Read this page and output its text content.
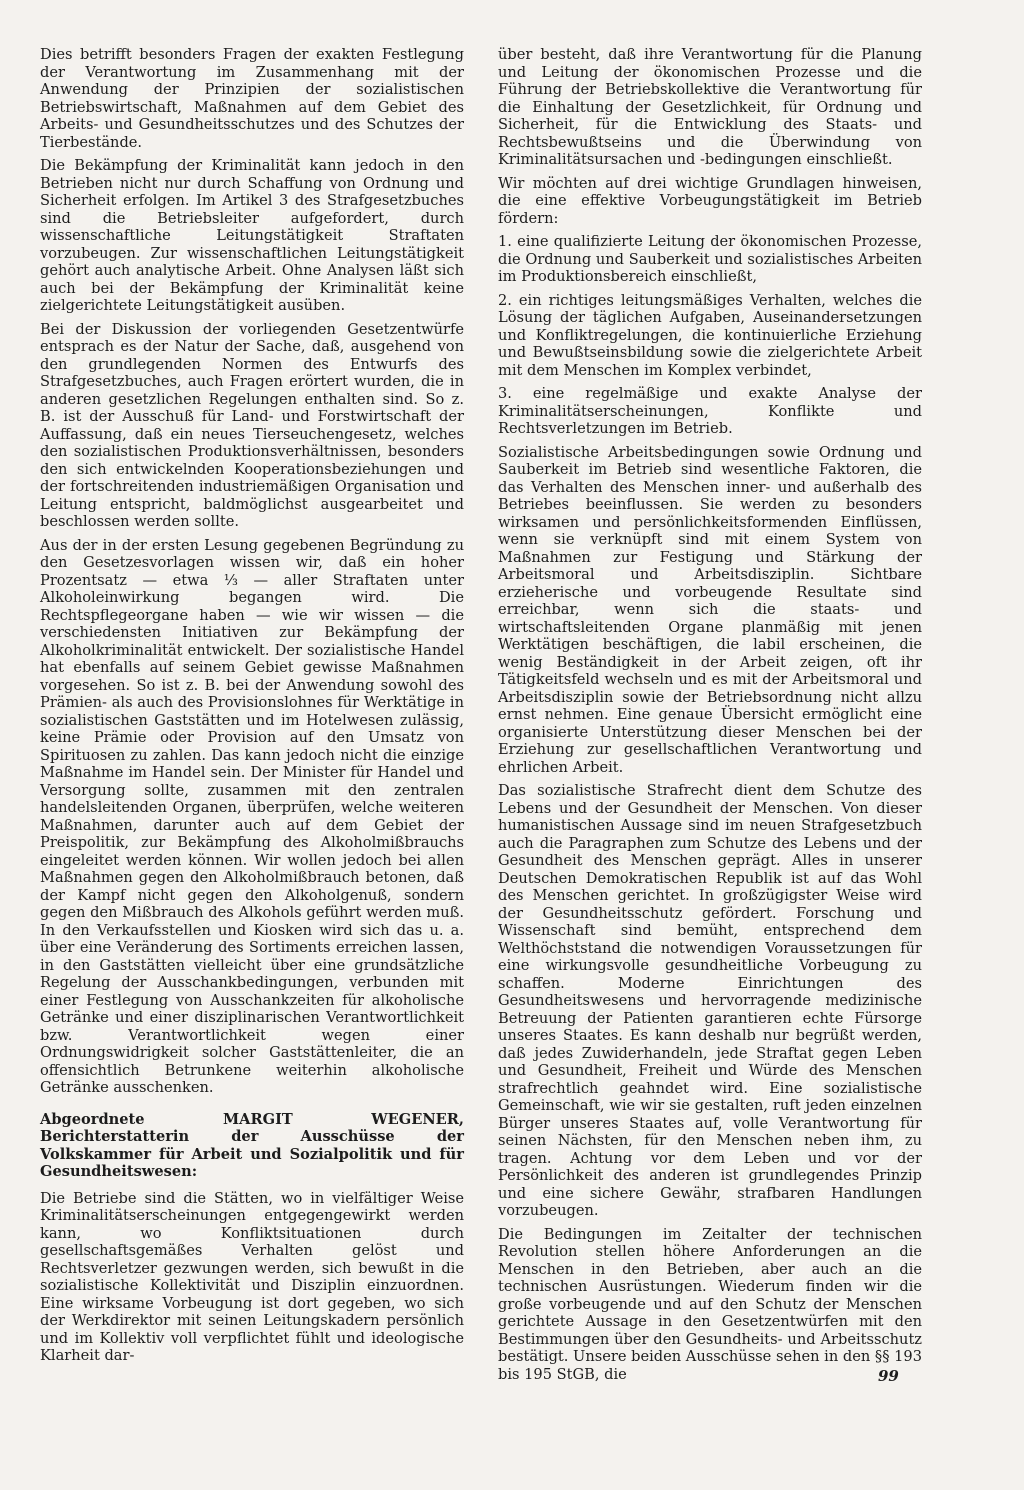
Dies betrifft besonders Fragen der exakten Festlegung der Verantwortung im Zusammenhang mit der Anwendung der Prinzipien der sozialistischen Betriebswirtschaft, Maßnahmen auf dem Gebiet des Arbeits- und Gesundheitsschutzes und des Schutzes der Tierbestände.

Die Bekämpfung der Kriminalität kann jedoch in den Betrieben nicht nur durch Schaffung von Ordnung und Sicherheit erfolgen. Im Artikel 3 des Strafgesetzbuches sind die Betriebsleiter aufgefordert, durch wissenschaftliche Leitungstätigkeit Straftaten vorzubeugen. Zur wissenschaftlichen Leitungstätigkeit gehört auch analytische Arbeit. Ohne Analysen läßt sich auch bei der Bekämpfung der Kriminalität keine zielgerichtete Leitungstätigkeit ausüben.

Bei der Diskussion der vorliegenden Gesetzentwürfe entsprach es der Natur der Sache, daß, ausgehend von den grundlegenden Normen des Entwurfs des Strafgesetzbuches, auch Fragen erörtert wurden, die in anderen gesetzlichen Regelungen enthalten sind. So z. B. ist der Ausschuß für Land- und Forstwirtschaft der Auffassung, daß ein neues Tierseuchengesetz, welches den sozialistischen Produktionsverhältnissen, besonders den sich entwickelnden Kooperationsbeziehungen und der fortschreitenden industriemäßigen Organisation und Leitung entspricht, baldmöglichst ausgearbeitet und beschlossen werden sollte.

Aus der in der ersten Lesung gegebenen Begründung zu den Gesetzesvorlagen wissen wir, daß ein hoher Prozentsatz — etwa ⅓ — aller Straftaten unter Alkoholeinwirkung begangen wird. Die Rechtspflegeorgane haben — wie wir wissen — die verschiedensten Initiativen zur Bekämpfung der Alkoholkriminalität entwickelt. Der sozialistische Handel hat ebenfalls auf seinem Gebiet gewisse Maßnahmen vorgesehen. So ist z. B. bei der Anwendung sowohl des Prämien- als auch des Provisionslohnes für Werktätige in sozialistischen Gaststätten und im Hotelwesen zulässig, keine Prämie oder Provision auf den Umsatz von Spirituosen zu zahlen. Das kann jedoch nicht die einzige Maßnahme im Handel sein. Der Minister für Handel und Versorgung sollte, zusammen mit den zentralen handelsleitenden Organen, überprüfen, welche weiteren Maßnahmen, darunter auch auf dem Gebiet der Preispolitik, zur Bekämpfung des Alkoholmißbrauchs eingeleitet werden können. Wir wollen jedoch bei allen Maßnahmen gegen den Alkoholmißbrauch betonen, daß der Kampf nicht gegen den Alkoholgenuß, sondern gegen den Mißbrauch des Alkohols geführt werden muß. In den Verkaufsstellen und Kiosken wird sich das u. a. über eine Veränderung des Sortiments erreichen lassen, in den Gaststätten vielleicht über eine grundsätzliche Regelung der Ausschankbedingungen, verbunden mit einer Festlegung von Ausschankzeiten für alkoholische Getränke und einer disziplinarischen Verantwortlichkeit bzw. Verantwortlichkeit wegen einer Ordnungswidrigkeit solcher Gaststättenleiter, die an offensichtlich Betrunkene weiterhin alkoholische Getränke ausschenken.

Abgeordnete MARGIT WEGENER, Berichterstatterin der Ausschüsse der Volkskammer für Arbeit und Sozialpolitik und für Gesundheitswesen:

Die Betriebe sind die Stätten, wo in vielfältiger Weise Kriminalitätserscheinungen entgegengewirkt werden kann, wo Konfliktsituationen durch gesellschaftsgemäßes Verhalten gelöst und Rechtsverletzer gezwungen werden, sich bewußt in die sozialistische Kollektivität und Disziplin einzuordnen. Eine wirksame Vorbeugung ist dort gegeben, wo sich der Werkdirektor mit seinen Leitungskadern persönlich und im Kollektiv voll verpflichtet fühlt und ideologische Klarheit dar-

über besteht, daß ihre Verantwortung für die Planung und Leitung der ökonomischen Prozesse und die Führung der Betriebskollektive die Verantwortung für die Einhaltung der Gesetzlichkeit, für Ordnung und Sicherheit, für die Entwicklung des Staats- und Rechtsbewußtseins und die Überwindung von Kriminalitätsursachen und -bedingungen einschließt.

Wir möchten auf drei wichtige Grundlagen hinweisen, die eine effektive Vorbeugungstätigkeit im Betrieb fördern:

1. eine qualifizierte Leitung der ökonomischen Prozesse, die Ordnung und Sauberkeit und sozialistisches Arbeiten im Produktionsbereich einschließt,

2. ein richtiges leitungsmäßiges Verhalten, welches die Lösung der täglichen Aufgaben, Auseinandersetzungen und Konfliktregelungen, die kontinuierliche Erziehung und Bewußtseinsbildung sowie die zielgerichtete Arbeit mit dem Menschen im Komplex verbindet,

3. eine regelmäßige und exakte Analyse der Kriminalitätserscheinungen, Konflikte und Rechtsverletzungen im Betrieb.

Sozialistische Arbeitsbedingungen sowie Ordnung und Sauberkeit im Betrieb sind wesentliche Faktoren, die das Verhalten des Menschen inner- und außerhalb des Betriebes beeinflussen. Sie werden zu besonders wirksamen und persönlichkeitsformenden Einflüssen, wenn sie verknüpft sind mit einem System von Maßnahmen zur Festigung und Stärkung der Arbeitsmoral und Arbeitsdisziplin. Sichtbare erzieherische und vorbeugende Resultate sind erreichbar, wenn sich die staats- und wirtschaftsleitenden Organe planmäßig mit jenen Werktätigen beschäftigen, die labil erscheinen, die wenig Beständigkeit in der Arbeit zeigen, oft ihr Tätigkeitsfeld wechseln und es mit der Arbeitsmoral und Arbeitsdisziplin sowie der Betriebsordnung nicht allzu ernst nehmen. Eine genaue Übersicht ermöglicht eine organisierte Unterstützung dieser Menschen bei der Erziehung zur gesellschaftlichen Verantwortung und ehrlichen Arbeit.

Das sozialistische Strafrecht dient dem Schutze des Lebens und der Gesundheit der Menschen. Von dieser humanistischen Aussage sind im neuen Strafgesetzbuch auch die Paragraphen zum Schutze des Lebens und der Gesundheit des Menschen geprägt. Alles in unserer Deutschen Demokratischen Republik ist auf das Wohl des Menschen gerichtet. In großzügigster Weise wird der Gesundheitsschutz gefördert. Forschung und Wissenschaft sind bemüht, entsprechend dem Welthöchststand die notwendigen Voraussetzungen für eine wirkungsvolle gesundheitliche Vorbeugung zu schaffen. Moderne Einrichtungen des Gesundheitswesens und hervorragende medizinische Betreuung der Patienten garantieren echte Fürsorge unseres Staates. Es kann deshalb nur begrüßt werden, daß jedes Zuwiderhandeln, jede Straftat gegen Leben und Gesundheit, Freiheit und Würde des Menschen strafrechtlich geahndet wird. Eine sozialistische Gemeinschaft, wie wir sie gestalten, ruft jeden einzelnen Bürger unseres Staates auf, volle Verantwortung für seinen Nächsten, für den Menschen neben ihm, zu tragen. Achtung vor dem Leben und vor der Persönlichkeit des anderen ist grundlegendes Prinzip und eine sichere Gewähr, strafbaren Handlungen vorzubeugen.

Die Bedingungen im Zeitalter der technischen Revolution stellen höhere Anforderungen an die Menschen in den Betrieben, aber auch an die technischen Ausrüstungen. Wiederum finden wir die große vorbeugende und auf den Schutz der Menschen gerichtete Aussage in den Gesetzentwürfen mit den Bestimmungen über den Gesundheits- und Arbeitsschutz bestätigt. Unsere beiden Ausschüsse sehen in den §§ 193 bis 195 StGB, die	99
